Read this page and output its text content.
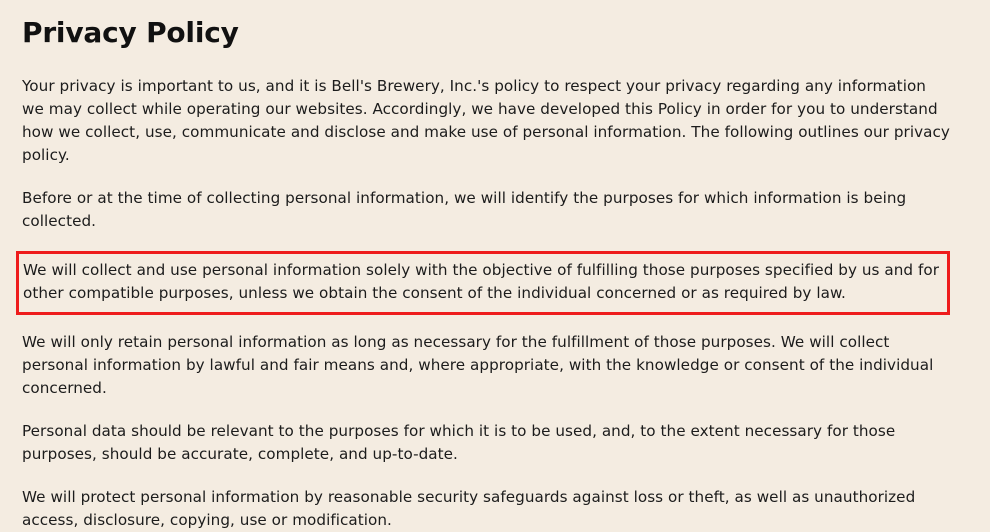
Privacy Policy

Your privacy is important to us, and it is Bell's Brewery, Inc.'s policy to respect your privacy regarding any information we may collect while operating our websites. Accordingly, we have developed this Policy in order for you to understand how we collect, use, communicate and disclose and make use of personal information. The following outlines our privacy policy.

Before or at the time of collecting personal information, we will identify the purposes for which information is being collected.

We will collect and use personal information solely with the objective of fulfilling those purposes specified by us and for other compatible purposes, unless we obtain the consent of the individual concerned or as required by law.

We will only retain personal information as long as necessary for the fulfillment of those purposes. We will collect personal information by lawful and fair means and, where appropriate, with the knowledge or consent of the individual concerned.

Personal data should be relevant to the purposes for which it is to be used, and, to the extent necessary for those purposes, should be accurate, complete, and up-to-date.

We will protect personal information by reasonable security safeguards against loss or theft, as well as unauthorized access, disclosure, copying, use or modification.
